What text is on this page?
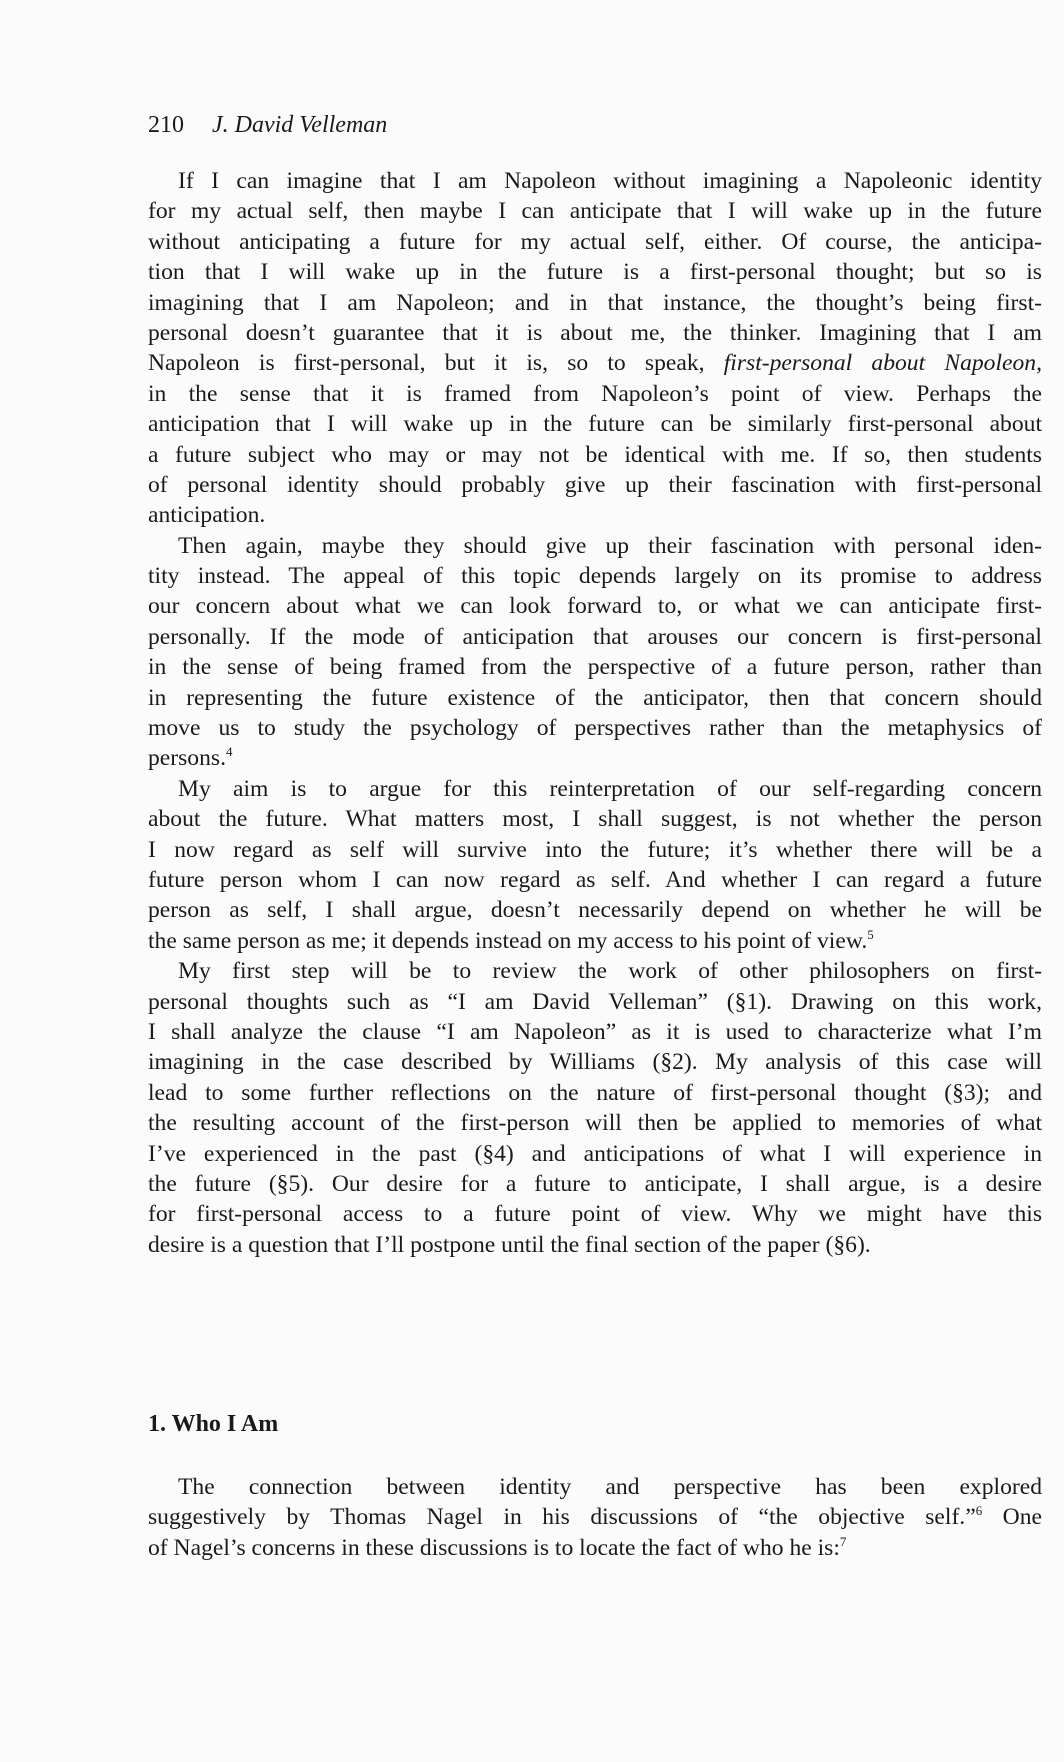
210 J. David Velleman
If I can imagine that I am Napoleon without imagining a Napoleonic identity
for my actual self, then maybe I can anticipate that I will wake up in the future
without anticipating a future for my actual self, either. Of course, the anticipa-
tion that I will wake up in the future is a first-personal thought; but so is
imagining that I am Napoleon; and in that instance, the thought’s being first-
personal doesn’t guarantee that it is about me, the thinker. Imagining that I am
Napoleon is first-personal, but it is, so to speak, first-personal about Napoleon,
in the sense that it is framed from Napoleon’s point of view. Perhaps the
anticipation that I will wake up in the future can be similarly first-personal about
a future subject who may or may not be identical with me. If so, then students
of personal identity should probably give up their fascination with first-personal
anticipation.
Then again, maybe they should give up their fascination with personal iden-
tity instead. The appeal of this topic depends largely on its promise to address
our concern about what we can look forward to, or what we can anticipate first-
personally. If the mode of anticipation that arouses our concern is first-personal
in the sense of being framed from the perspective of a future person, rather than
in representing the future existence of the anticipator, then that concern should
move us to study the psychology of perspectives rather than the metaphysics of
persons.$^4$
My aim is to argue for this reinterpretation of our self-regarding concern
about the future. What matters most, I shall suggest, is not whether the person
I now regard as self will survive into the future; it’s whether there will be a
future person whom I can now regard as self. And whether I can regard a future
person as self, I shall argue, doesn’t necessarily depend on whether he will be
the same person as me; it depends instead on my access to his point of view.$^5$
My first step will be to review the work of other philosophers on first-
personal thoughts such as “I am David Velleman” (§1). Drawing on this work,
I shall analyze the clause “I am Napoleon” as it is used to characterize what I’m
imagining in the case described by Williams (§2). My analysis of this case will
lead to some further reflections on the nature of first-personal thought (§3); and
the resulting account of the first-person will then be applied to memories of what
I’ve experienced in the past (§4) and anticipations of what I will experience in
the future (§5). Our desire for a future to anticipate, I shall argue, is a desire
for first-personal access to a future point of view. Why we might have this
desire is a question that I’ll postpone until the final section of the paper (§6).
1. Who I Am
The connection between identity and perspective has been explored
suggestively by Thomas Nagel in his discussions of “the objective self.”$^6$ One
of Nagel’s concerns in these discussions is to locate the fact of who he is:$^7$
